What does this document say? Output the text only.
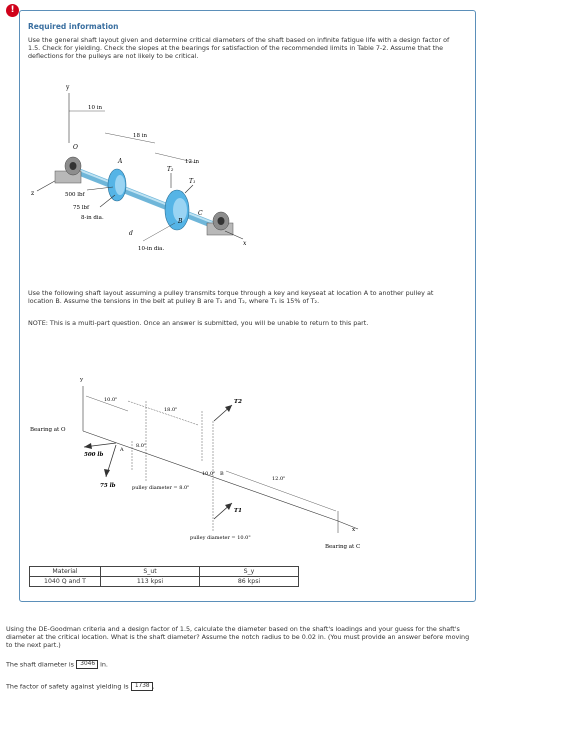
!
Required information
Use the general shaft layout given and determine critical diameters of the shaft based on infinite fatigue life with a design factor of 1.5. Check for yielding. Check the slopes at the bearings for satisfaction of the recommended limits in Table 7-2. Assume that the deflections for the pulleys are not likely to be critical.
y
z
x
10 in
18 in
12 in
T₂
T₁
500 lbf
75 lbf
O
A
B
C
d
8-in dia.
10-in dia.
Use the following shaft layout assuming a pulley transmits torque through a key and keyseat at location A to another pulley at location B. Assume the tensions in the belt at pulley B are T₁ and T₂, where T₁ is 15% of T₂.
NOTE: This is a multi-part question. Once an answer is submitted, you will be unable to return to this part.
y
x
Bearing at O
500 lb
75 lb
10.0"
18.0"
8.0"
A
pulley diameter = 8.0"
10.0" B
T2
T1
pulley diameter = 10.0"
12.0"
Bearing at C
Material	S_ut	S_y
1040 Q and T	113 kpsi	86 kpsi
Using the DE-Goodman criteria and a design factor of 1.5, calculate the diameter based on the shaft's loadings and your guess for the shaft's diameter at the critical location. What is the shaft diameter? Assume the notch radius to be 0.02 in. (You must provide an answer before moving to the next part.)
The shaft diameter is 3046 in.
The factor of safety against yielding is 1738 .
